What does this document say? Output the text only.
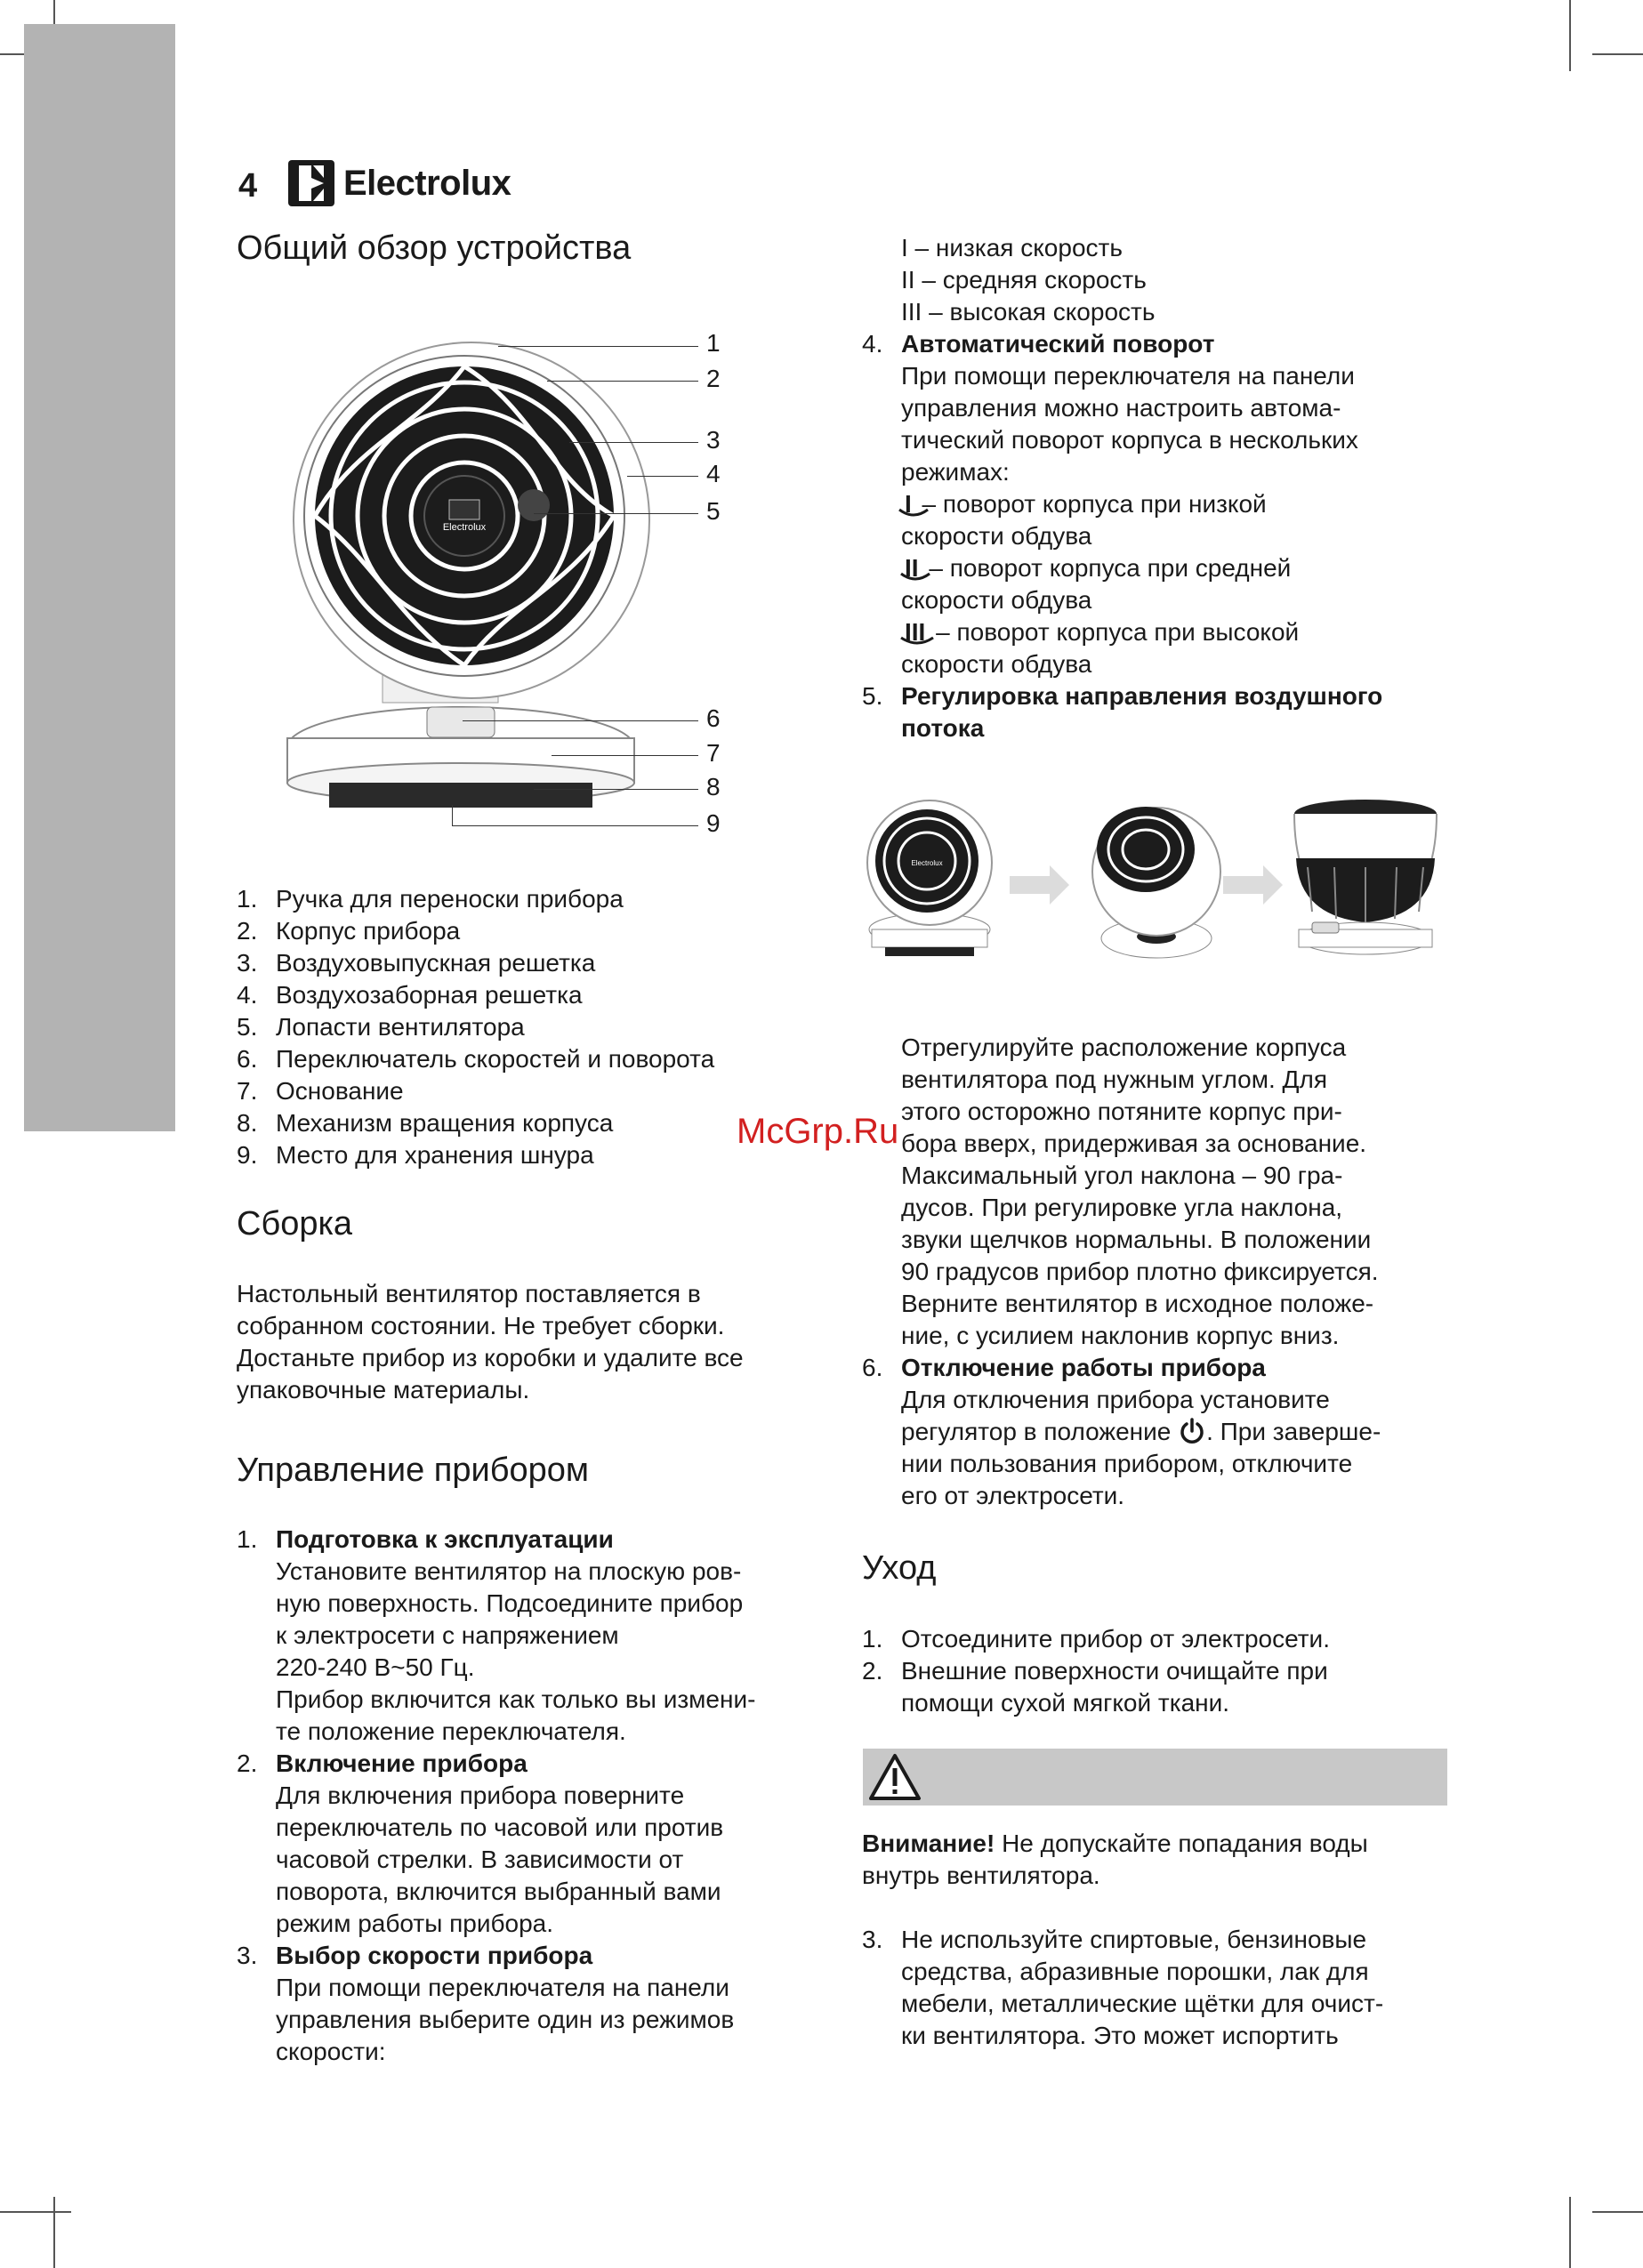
4 Electrolux
Общий обзор устройства
Electrolux
1
2
3
4
5
6
7
8
9
1. Ручка для переноски прибора
2. Корпус прибора
3. Воздуховыпускная решетка
4. Воздухозаборная решетка
5. Лопасти вентилятора
6. Переключатель скоростей и поворота
7. Основание
8. Механизм вращения корпуса
9. Место для хранения шнура
Сборка

Настольный вентилятор поставляется в собранном состоянии. Не требует сборки. Достаньте прибор из коробки и удалите все упаковочные материалы.

Управление прибором
1. Подготовка к эксплуатации
Установите вентилятор на плоскую ров-
ную поверхность. Подсоедините прибор
к электросети с напряжением
220-240 В~50 Гц.
Прибор включится как только вы измени-
те положение переключателя.
2. Включение прибора
Для включения прибора поверните
переключатель по часовой или против
часовой стрелки. В зависимости от
поворота, включится выбранный вами
режим работы прибора.
3. Выбор скорости прибора
При помощи переключателя на панели
управления выберите один из режимов
скорости:
I – низкая скорость
II – средняя скорость
III – высокая скорость
4. Автоматический поворот
При помощи переключателя на панели
управления можно настроить автома-
тический поворот корпуса в нескольких
режимах:
I
– поворот корпуса при низкой
скорости обдува
II
– поворот корпуса при средней
скорости обдува
III
– поворот корпуса при высокой
скорости обдува
5. Регулировка направления воздушного
потока
Electrolux
Отрегулируйте расположение корпуса
вентилятора под нужным углом. Для
этого осторожно потяните корпус при-
бора вверх, придерживая за основание.
Максимальный угол наклона – 90 гра-
дусов. При регулировке угла наклона,
звуки щелчков нормальны. В положении
90 градусов прибор плотно фиксируется.
Верните вентилятор в исходное положе-
ние, с усилием наклонив корпус вниз.
6. Отключение работы прибора
Для отключения прибора установите
регулятор в положение . При заверше-
нии пользования прибором, отключите
его от электросети.
Уход
1. Отсоедините прибор от электросети.
2. Внешние поверхности очищайте при
помощи сухой мягкой ткани.
Внимание! Не допускайте попадания воды
внутрь вентилятора.
3. Не используйте спиртовые, бензиновые
средства, абразивные порошки, лак для
мебели, металлические щётки для очист-
ки вентилятора. Это может испортить
McGrp.Ru
